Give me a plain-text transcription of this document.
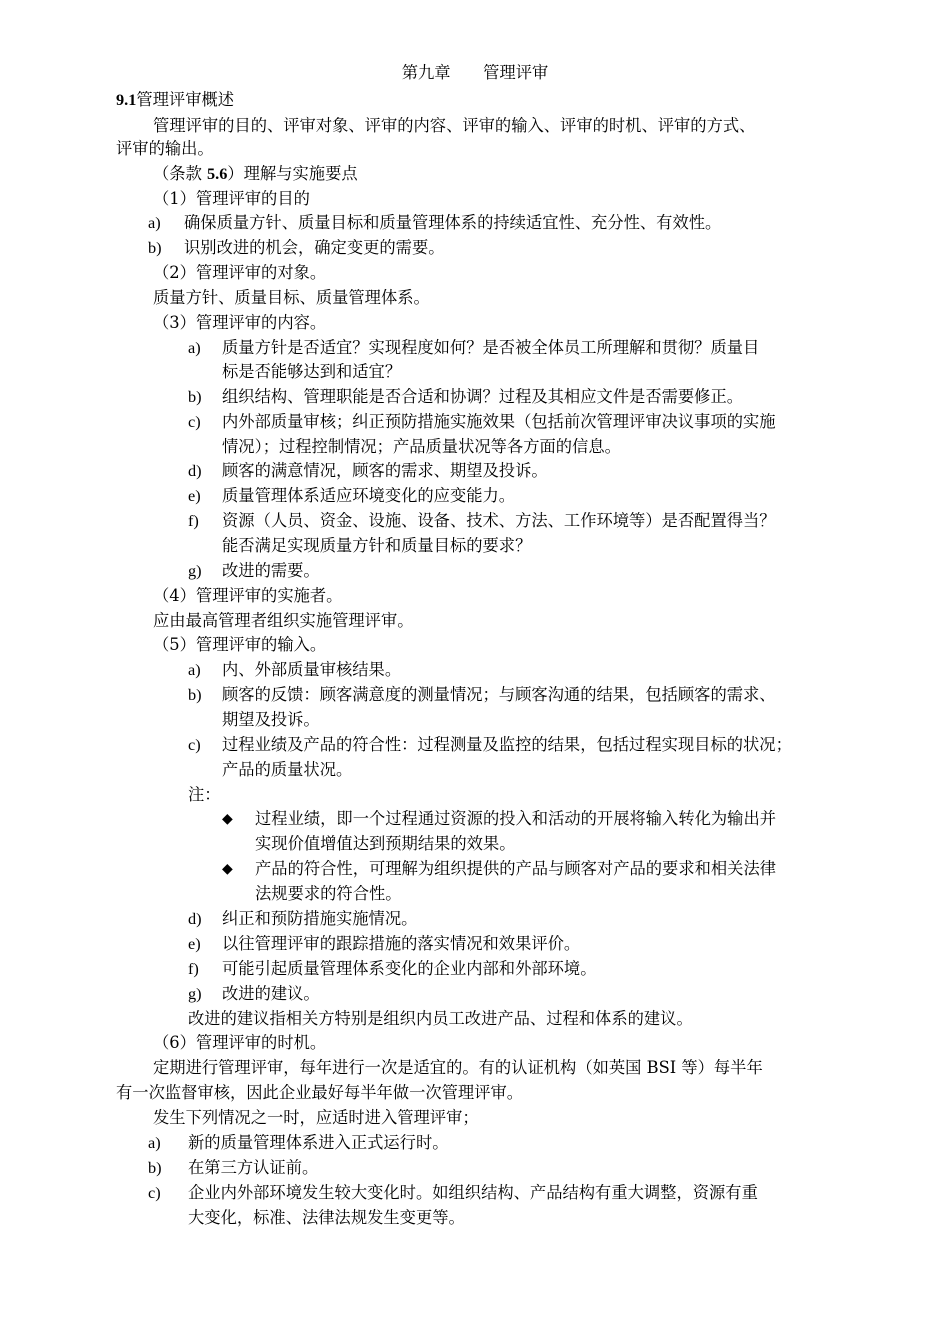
第九章　　管理评审
9.1管理评审概述
管理评审的目的、评审对象、评审的内容、评审的输入、评审的时机、评审的方式、
评审的输出。
（条款 5.6）理解与实施要点
（1）管理评审的目的
a) 确保质量方针、质量目标和质量管理体系的持续适宜性、充分性、有效性。
b) 识别改进的机会，确定变更的需要。
（2）管理评审的对象。
质量方针、质量目标、质量管理体系。
（3）管理评审的内容。
a) 质量方针是否适宜？实现程度如何？是否被全体员工所理解和贯彻？质量目
标是否能够达到和适宜？
b) 组织结构、管理职能是否合适和协调？过程及其相应文件是否需要修正。
c) 内外部质量审核；纠正预防措施实施效果（包括前次管理评审决议事项的实施
情况）；过程控制情况；产品质量状况等各方面的信息。
d) 顾客的满意情况，顾客的需求、期望及投诉。
e) 质量管理体系适应环境变化的应变能力。
f) 资源（人员、资金、设施、设备、技术、方法、工作环境等）是否配置得当？
能否满足实现质量方针和质量目标的要求？
g) 改进的需要。
（4）管理评审的实施者。
应由最高管理者组织实施管理评审。
（5）管理评审的输入。
a) 内、外部质量审核结果。
b) 顾客的反馈：顾客满意度的测量情况；与顾客沟通的结果，包括顾客的需求、
期望及投诉。
c) 过程业绩及产品的符合性：过程测量及监控的结果，包括过程实现目标的状况；
产品的质量状况。
注：
◆ 过程业绩，即一个过程通过资源的投入和活动的开展将输入转化为输出并
实现价值增值达到预期结果的效果。
◆ 产品的符合性，可理解为组织提供的产品与顾客对产品的要求和相关法律
法规要求的符合性。
d) 纠正和预防措施实施情况。
e) 以往管理评审的跟踪措施的落实情况和效果评价。
f) 可能引起质量管理体系变化的企业内部和外部环境。
g) 改进的建议。
改进的建议指相关方特别是组织内员工改进产品、过程和体系的建议。
（6）管理评审的时机。
定期进行管理评审，每年进行一次是适宜的。有的认证机构（如英国 BSI 等）每半年
有一次监督审核，因此企业最好每半年做一次管理评审。
发生下列情况之一时，应适时进入管理评审；
a) 新的质量管理体系进入正式运行时。
b) 在第三方认证前。
c) 企业内外部环境发生较大变化时。如组织结构、产品结构有重大调整，资源有重
大变化，标准、法律法规发生变更等。
